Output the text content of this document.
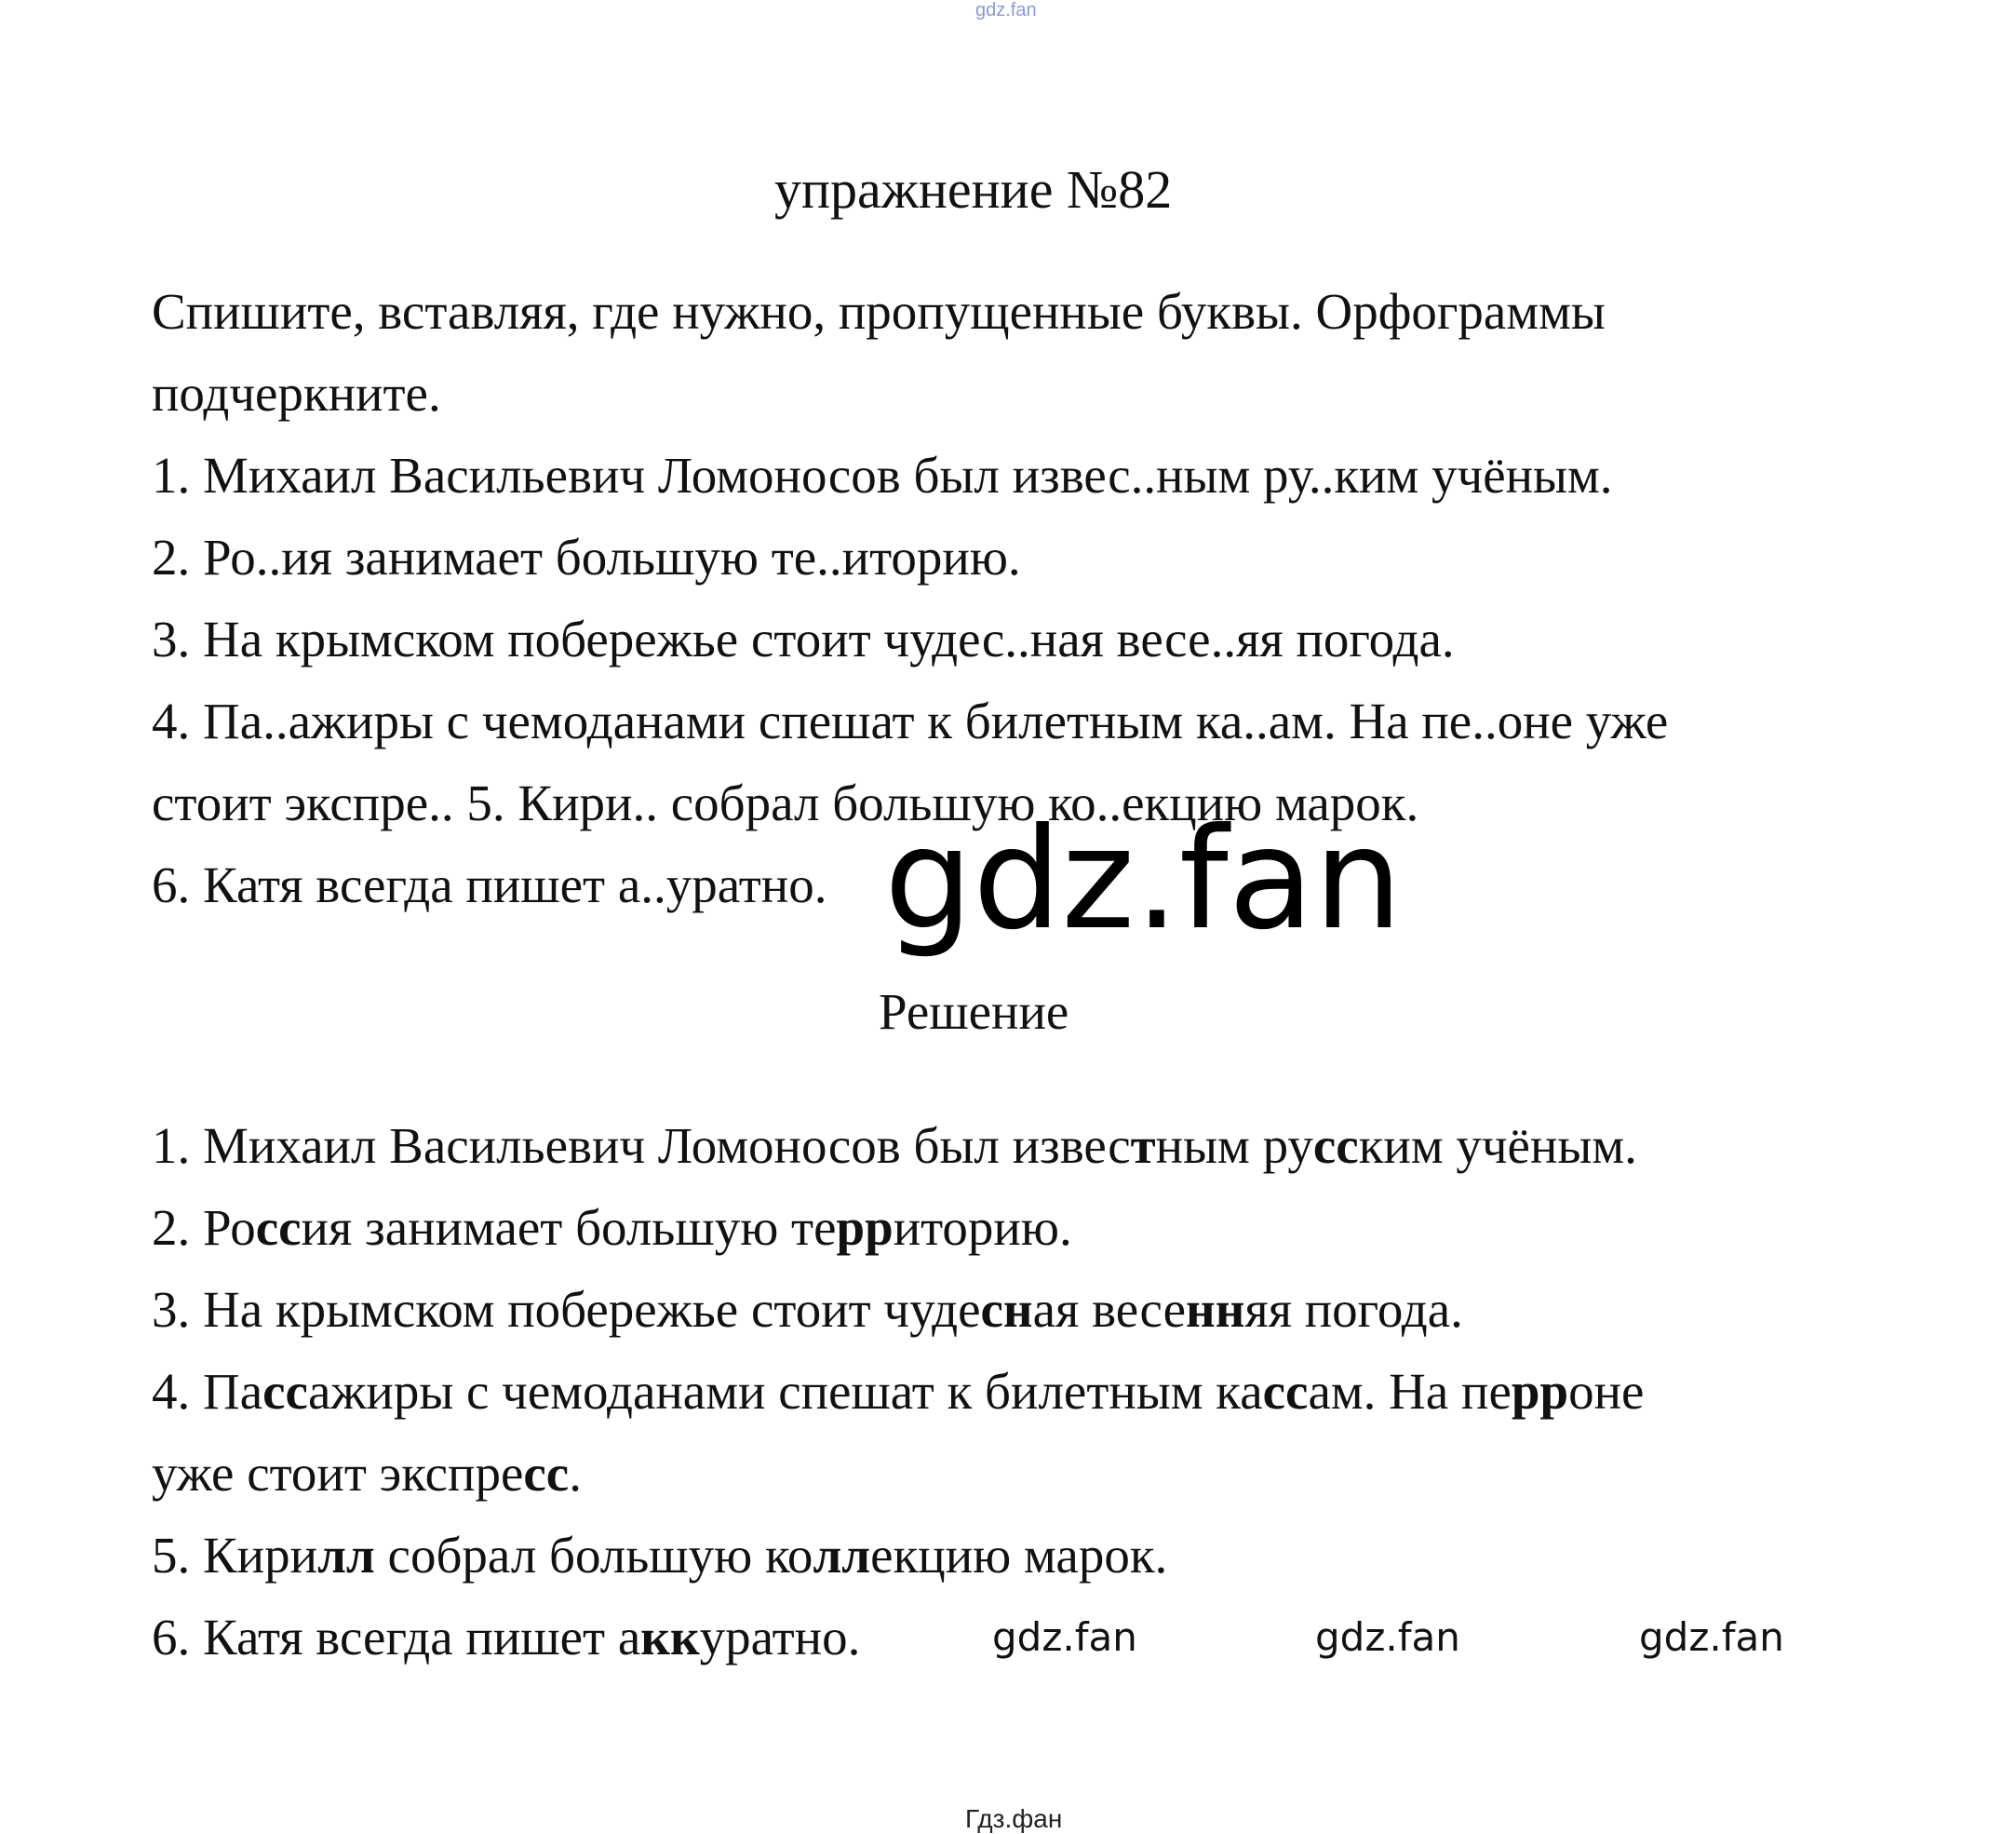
gdz.fan
упражнение №82
Спишите, вставляя, где нужно, пропущенные буквы. Орфограммы
подчеркните.
1. Михаил Васильевич Ломоносов был извес..ным ру..ким учёным.
2. Ро..ия занимает большую те..иторию.
3. На крымском побережье стоит чудес..ная весе..яя погода.
4. Па..ажиры с чемоданами спешат к билетным ка..ам. На пе..оне уже
стоит экспре.. 5. Кири.. собрал большую ко..екцию марок.
6. Катя всегда пишет а..уратно. gdz.fan
Решение
1. Михаил Васильевич Ломоносов был известным русским учёным.
2. Россия занимает большую территорию.
3. На крымском побережье стоит чудесная весенняя погода.
4. Пассажиры с чемоданами спешат к билетным кассам. На перроне
уже стоит экспресс.
5. Кирилл собрал большую коллекцию марок.
6. Катя всегда пишет аккуратно.	gdz.fan	gdz.fan	gdz.fan
Гдз.фан
